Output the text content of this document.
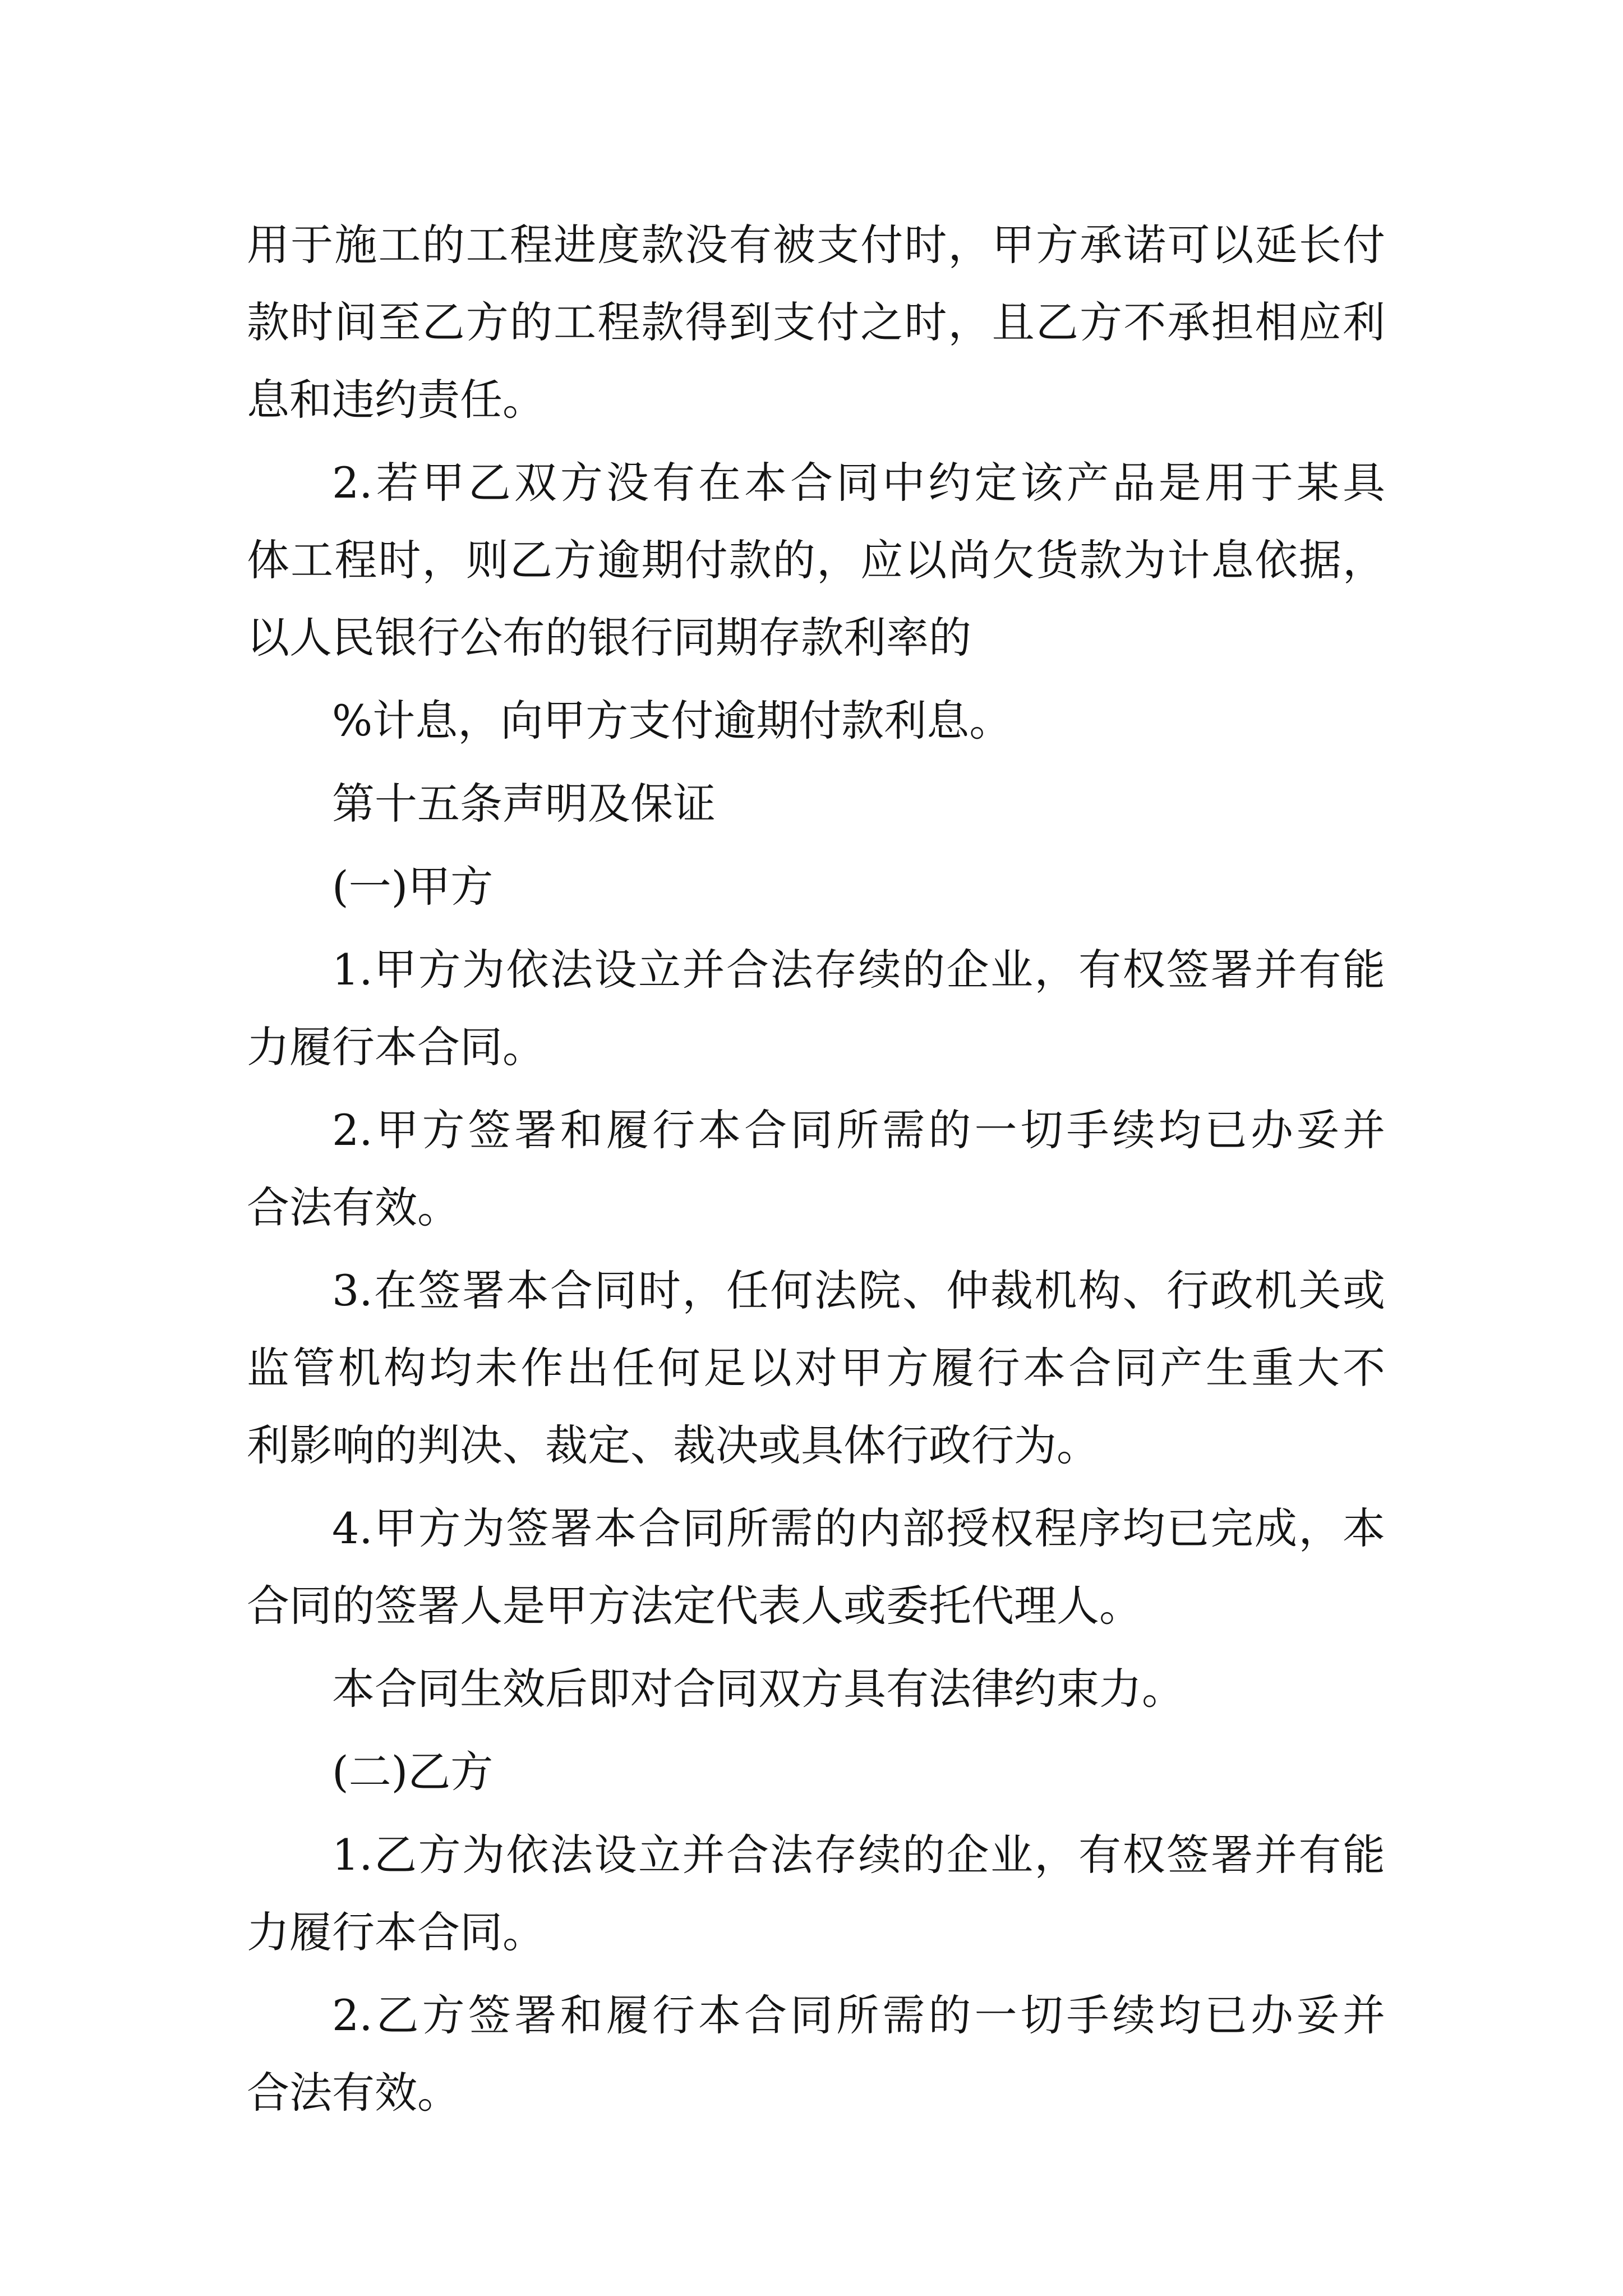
用于施工的工程进度款没有被支付时，甲方承诺可以延长付
款时间至乙方的工程款得到支付之时，且乙方不承担相应利
息和违约责任。
2.若甲乙双方没有在本合同中约定该产品是用于某具
体工程时，则乙方逾期付款的，应以尚欠货款为计息依据，
以人民银行公布的银行同期存款利率的
%计息，向甲方支付逾期付款利息。
第十五条声明及保证
(一)甲方
1.甲方为依法设立并合法存续的企业，有权签署并有能
力履行本合同。
2.甲方签署和履行本合同所需的一切手续均已办妥并
合法有效。
3.在签署本合同时，任何法院、仲裁机构、行政机关或
监管机构均未作出任何足以对甲方履行本合同产生重大不
利影响的判决、裁定、裁决或具体行政行为。
4.甲方为签署本合同所需的内部授权程序均已完成，本
合同的签署人是甲方法定代表人或委托代理人。
本合同生效后即对合同双方具有法律约束力。
(二)乙方
1.乙方为依法设立并合法存续的企业，有权签署并有能
力履行本合同。
2.乙方签署和履行本合同所需的一切手续均已办妥并
合法有效。
